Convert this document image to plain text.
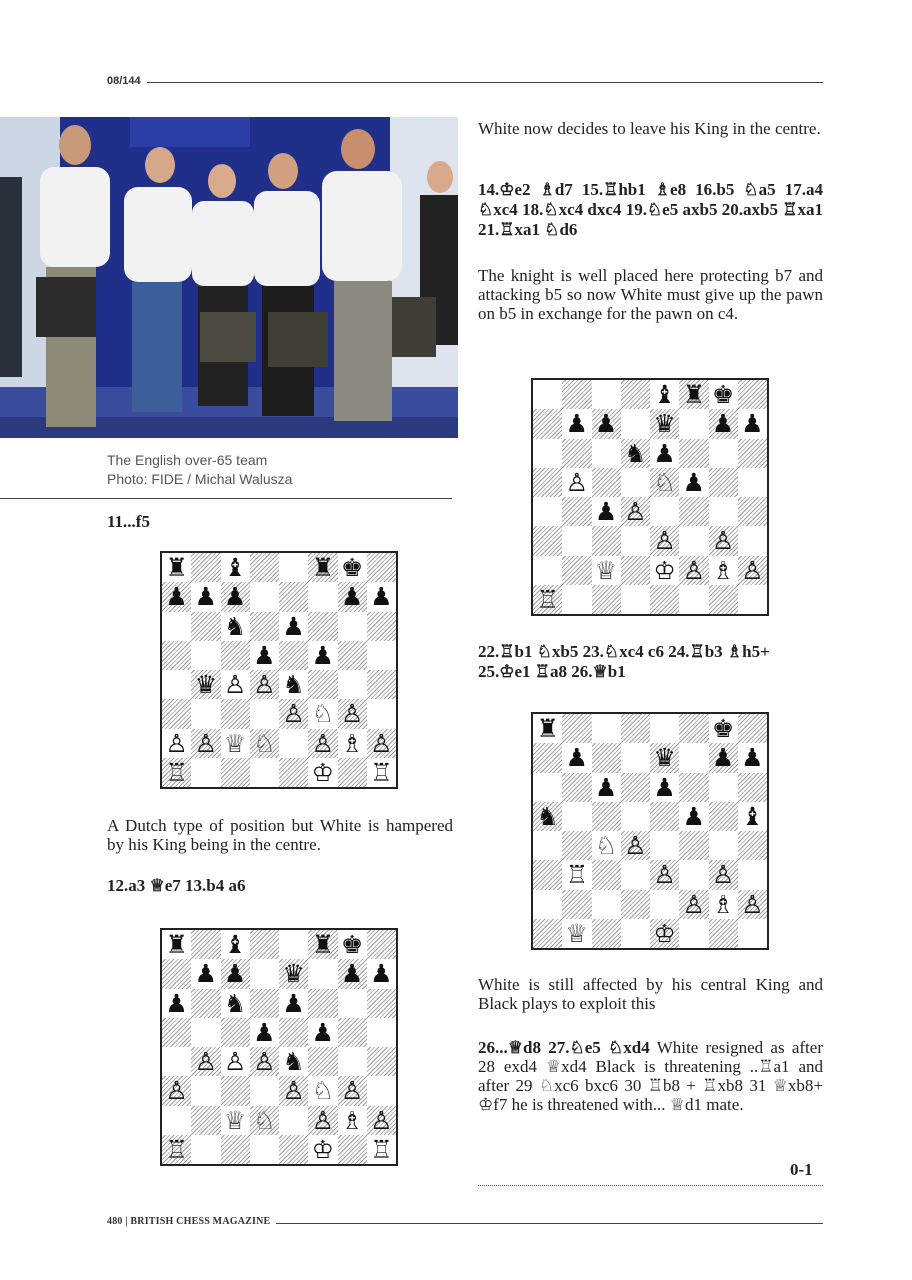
08/144
The English over-65 team
Photo: FIDE / Michal Walusza
11...f5
♜ ♝	♜ ♚
♟ ♟ ♟	♟ ♟
♞ ♟
♟ ♟
♛ ♙ ♙ ♞
♙ ♘ ♙
♙ ♙ ♕ ♘ ♙ ♗ ♙
♖	♔ ♖
A Dutch type of position but White is hampered by his King being in the centre.
12.a3 ♕e7 13.b4 a6
♜ ♝	♜ ♚
♟ ♟ ♛ ♟ ♟
♟ ♞ ♟
♟ ♟
♙ ♙ ♙ ♞
♙	♙ ♘ ♙
♕ ♘ ♙ ♗ ♙
♖	♔ ♖
White now decides to leave his King in the centre.
14.♔e2 ♗d7 15.♖hb1 ♗e8 16.b5 ♘a5 17.a4 ♘xc4 18.♘xc4 dxc4 19.♘e5 axb5 20.axb5 ♖xa1 21.♖xa1 ♘d6
The knight is well placed here protecting b7 and attacking b5 so now White must give up the pawn on b5 in exchange for the pawn on c4.
♝ ♜ ♚
♟ ♟ ♛ ♟ ♟
♞ ♟
♙	♘ ♟
♟ ♙
♙ ♙
♕ ♔ ♙ ♗ ♙
♖
22.♖b1 ♘xb5 23.♘xc4 c6 24.♖b3 ♗h5+ 25.♔e1 ♖a8 26.♕b1
♜	♚
♟	♛ ♟ ♟
♟ ♟
♞	♟ ♝
♘ ♙
♖	♙ ♙
♙ ♗ ♙
♕	♔
White is still affected by his central King and Black plays to exploit this
26...♕d8 27.♘e5 ♘xd4 White resigned as after 28 exd4 ♕xd4 Black is threatening ..♖a1 and after 29 ♘xc6 bxc6 30 ♖b8 + ♖xb8 31 ♕xb8+ ♔f7 he is threatened with... ♕d1 mate.
0-1
480 | BRITISH CHESS MAGAZINE
